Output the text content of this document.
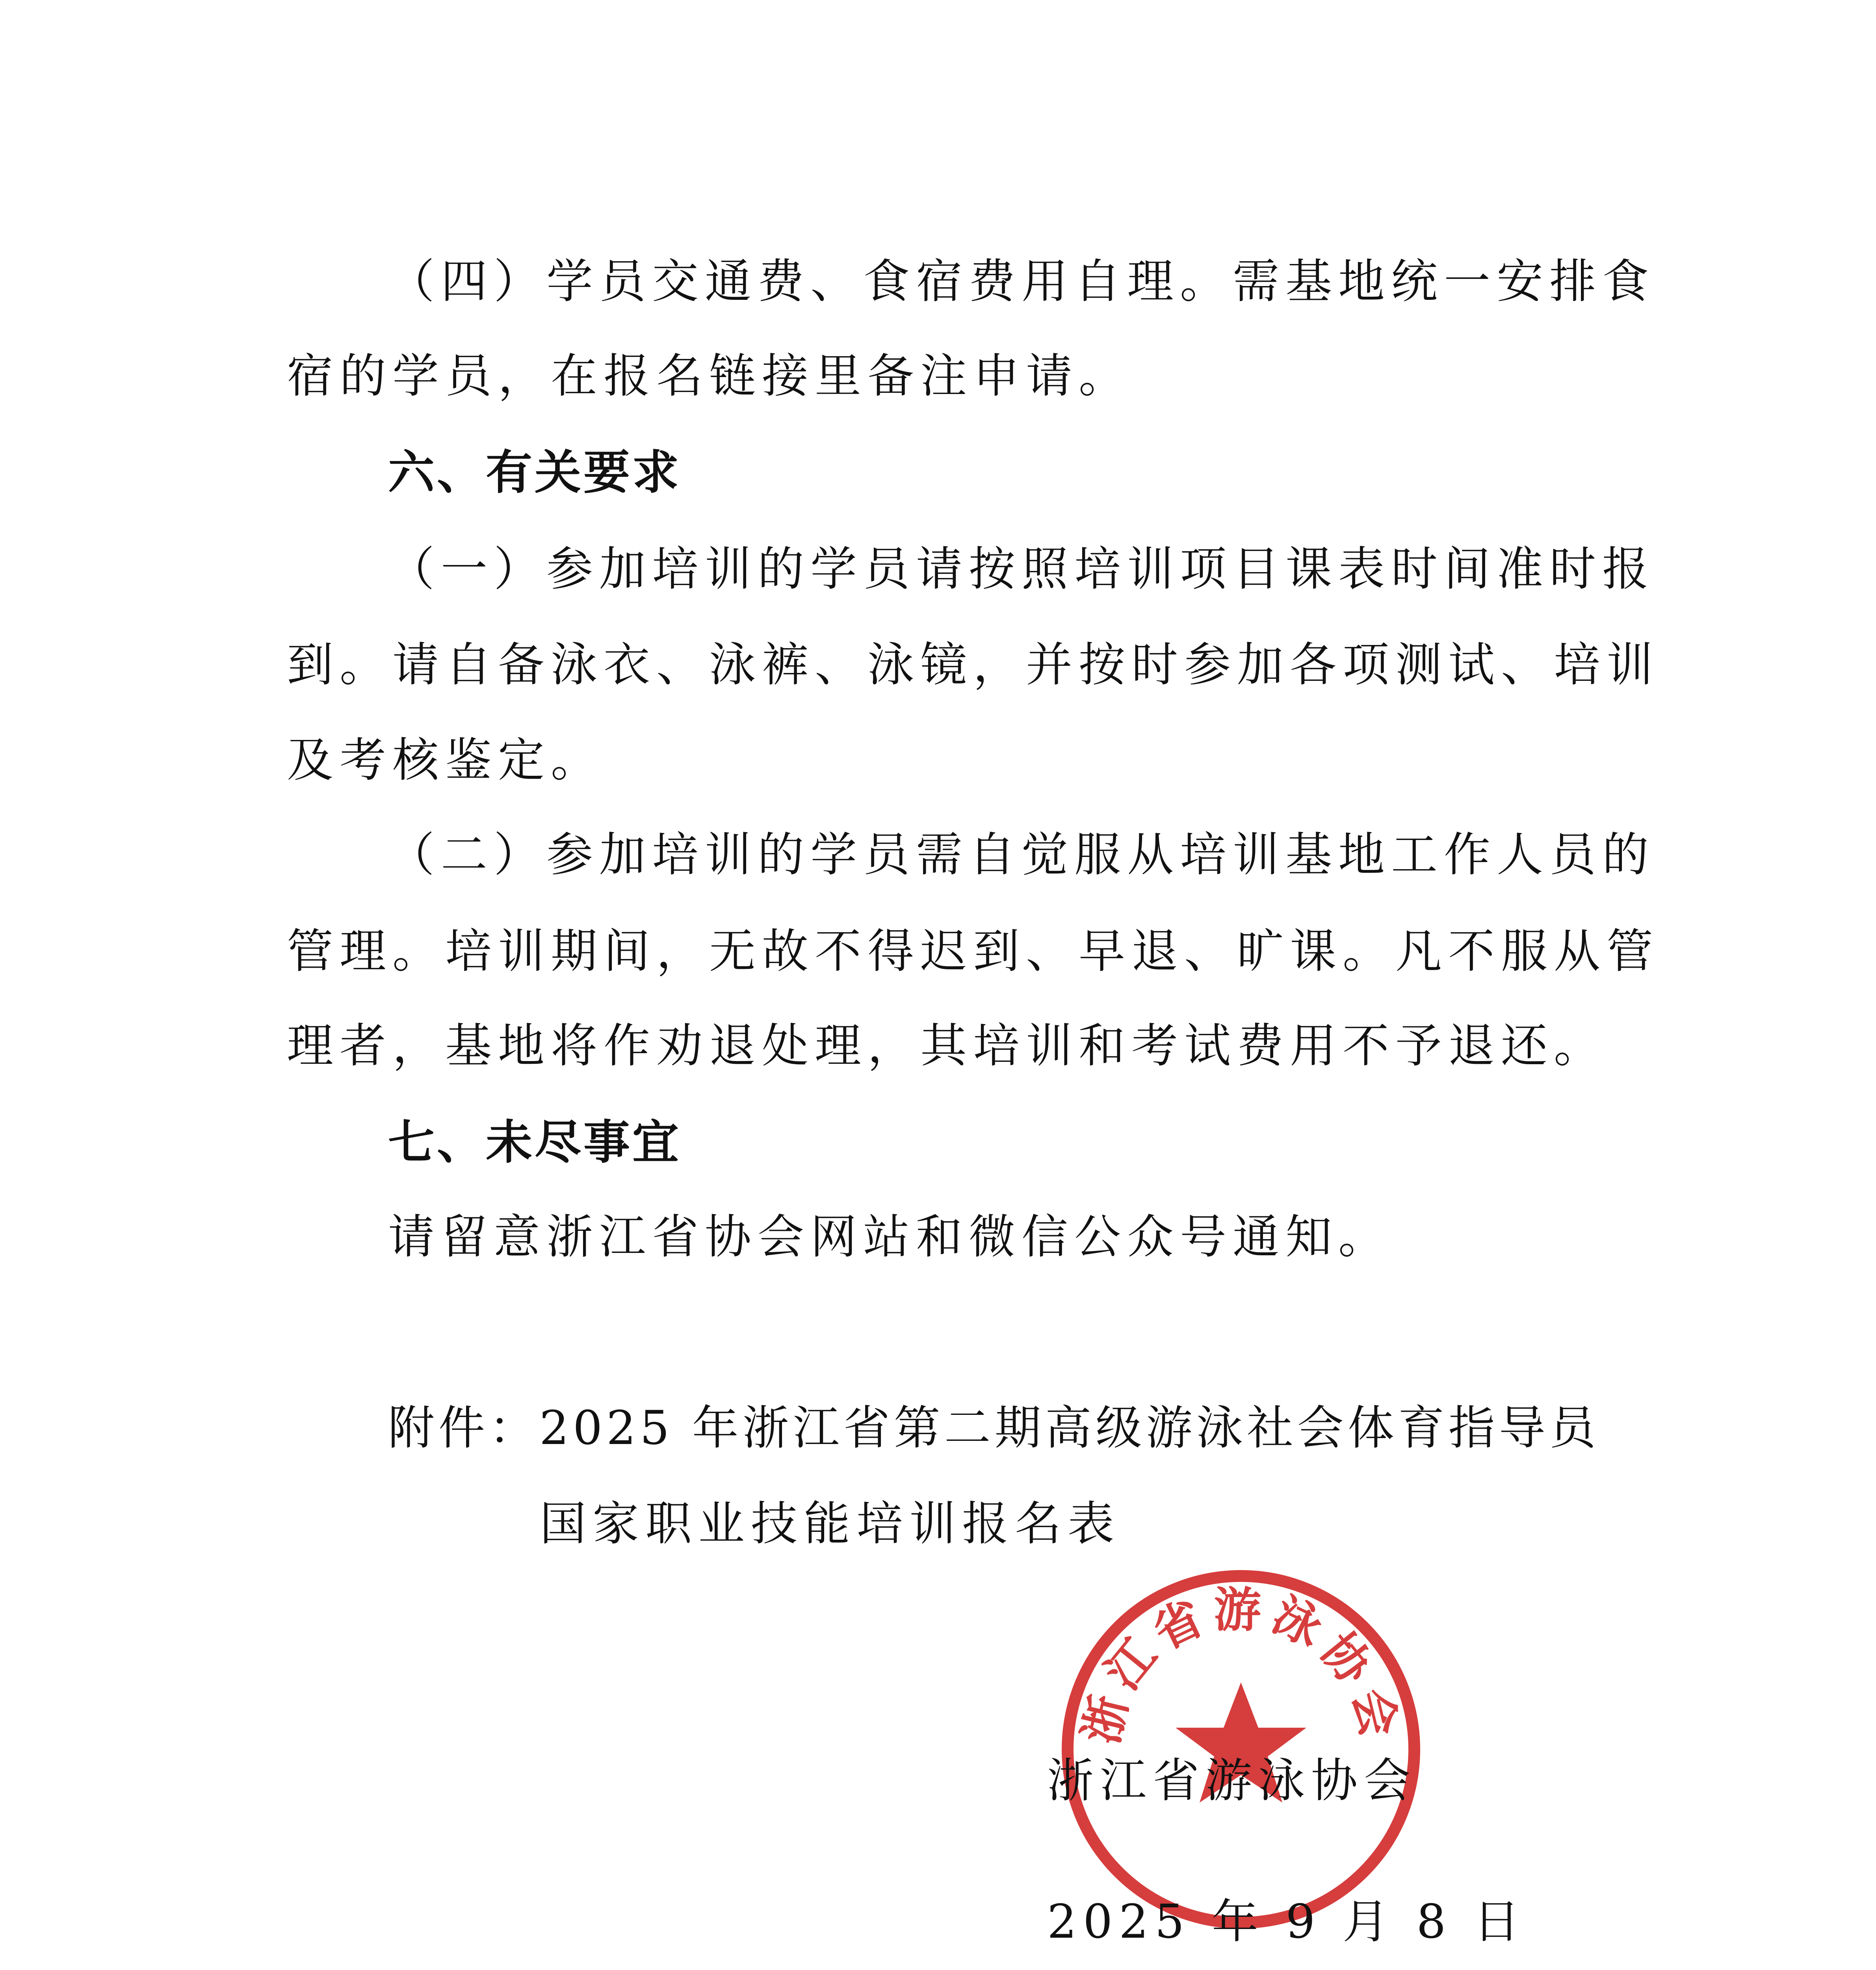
（四）学员交通费、食宿费用自理。需基地统一安排食
宿的学员，在报名链接里备注申请。
六、有关要求
（一）参加培训的学员请按照培训项目课表时间准时报
到。请自备泳衣、泳裤、泳镜，并按时参加各项测试、培训
及考核鉴定。
（二）参加培训的学员需自觉服从培训基地工作人员的
管理。培训期间，无故不得迟到、早退、旷课。凡不服从管
理者，基地将作劝退处理，其培训和考试费用不予退还。
七、未尽事宜
请留意浙江省协会网站和微信公众号通知。
附件：2025 年浙江省第二期高级游泳社会体育指导员
国家职业技能培训报名表
浙江省游泳协会
浙江省游泳协会
2025 年 9 月 8 日
